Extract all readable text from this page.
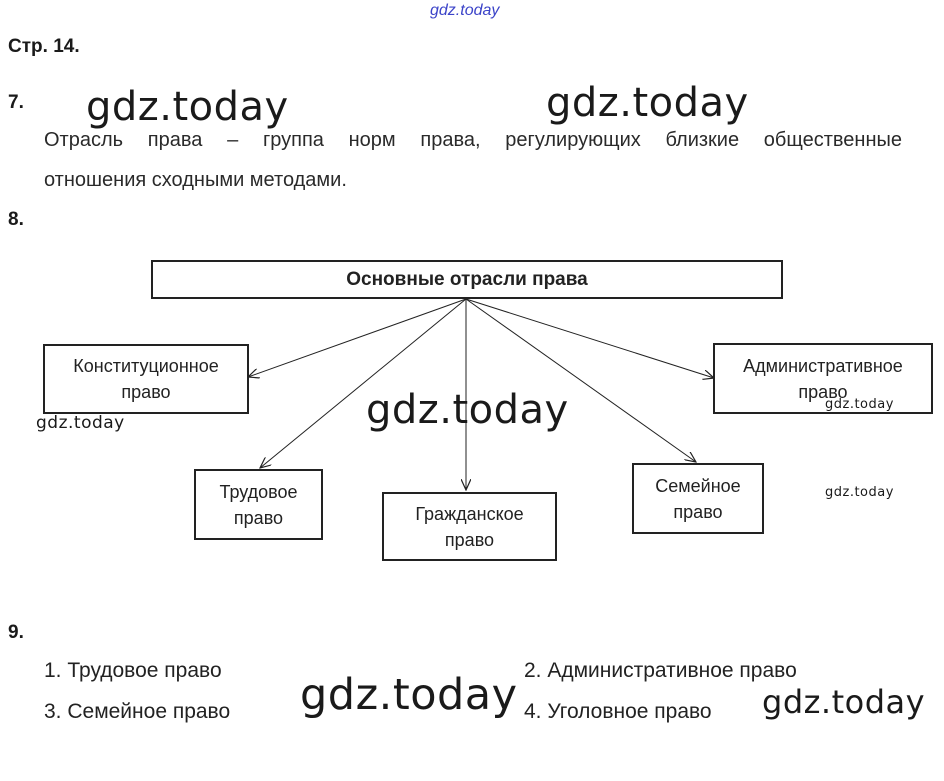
gdz.today
Стр. 14.
7. gdz.today	gdz.today
Отрасль права – группа норм права, регулирующих близкие общественные
отношения сходными методами.
8.
Основные отрасли права
Конституционное
право
Административное
право
Трудовое
право	Гражданское
право
Семейное
право
gdz.today
gdz.today
gdz.today
gdz.today
9.
1. Трудовое право	2. Административное право
3. Семейное право	4. Уголовное право
gdz.today	gdz.today
